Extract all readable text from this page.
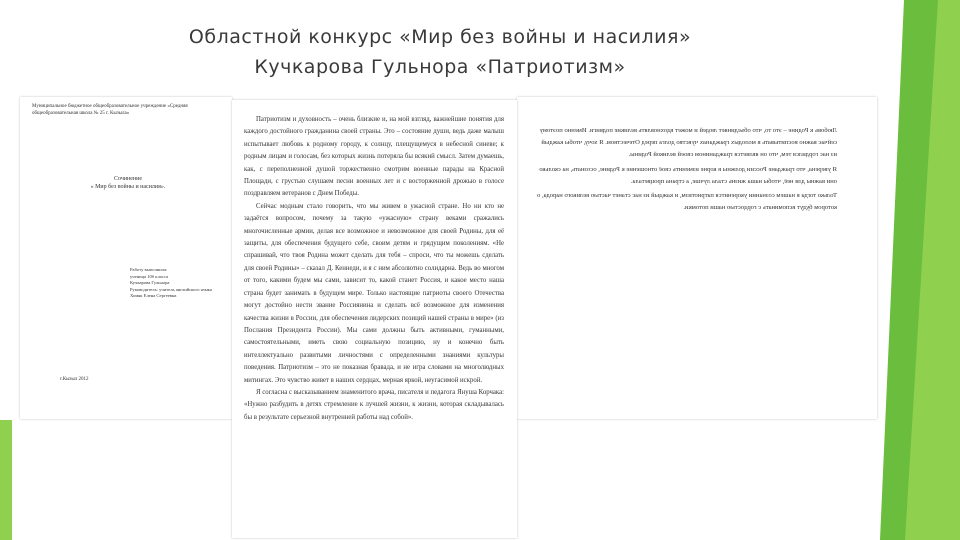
Областной конкурс «Мир без войны и насилия»
Кучкарова Гульнора «Патриотизм»
Муниципальное бюджетное общеобразовательное учреждение «Средняя общеобразовательная школа № 25 г. Кызыла»
Сочинение
« Мир без войны и насилия».
Работу выполнила:
ученица 10б класса
Кучкарова Гульнора
Руководитель: учитель английского языка
Хомяк Елена Сергеевна
г.Кызыл 2012

Любовь к Родине – это то, что объединяет людей и может вдохновлять великие подвиги. Именно поэтому сейчас важно воспитывать в молодых гражданах чувство долга перед Отечеством. Я хочу, чтобы каждый из нас гордился тем, что он является гражданином своей великой Родины.

Я уверена, что граждане России должны в корне изменить своё отношение к Родине, осознать, на сколько они важны для неё, чтобы наша жизнь стала лучше, а страна процветала.

Только тогда в нашем сознании укоренится патриотизм, и каждый из нас станет частью великого народа, о котором будут вспоминать с гордостью наши потомки.

Патриотизм и духовность – очень близкие и, на мой взгляд, важнейшие понятия для каждого достойного гражданина своей страны. Это – состояние души, ведь даже малыш испытывает любовь к родному городу, к солнцу, плещущемуся в небесной синеве; к родным лицам и голосам, без которых жизнь потеряла бы всякий смысл. Затем думаешь, как, с переполненной душой торжественно смотрим военные парады на Красной Площади, с грустью слушаем песни военных лет и с восторженной дрожью в голосе поздравляем ветеранов с Днем Победы.

Сейчас модным стало говорить, что мы живем в ужасной стране. Но ни кто не задаётся вопросом, почему за такую «ужасную» страну веками сражались многочисленные армии, делая все возможное и невозможное для своей Родины, для её защиты, для обеспечения будущего себе, своим детям и грядущим поколениям. «Не спрашивай, что твоя Родина может сделать для тебя – спроси, что ты можешь сделать для своей Родины» – сказал Д. Кеннеди, и я с ним абсолютно солидарна. Ведь во многом от того, какими будем мы сами, зависит то, какой станет Россия, и какое место наша страна будет занимать в будущем мире. Только настоящие патриоты своего Отечества могут достойно нести звание Россиянина и сделать всё возможное для изменения качества жизни в России, для обеспечения лидерских позиций нашей страны в мире» (из Послания Президента России). Мы сами должны быть активными, гуманными, самостоятельными, иметь свою социальную позицию, ну и конечно быть интеллектуально развитыми личностями с определенными знаниями культуры поведения. Патриотизм – это не показная бравада, и не игра словами на многолюдных митингах. Это чувство живет в наших сердцах, мерная яркой, неугасимой искрой.

Я согласна с высказыванием знаменитого врача, писателя и педагога Януша Корчака: «Нужно разбудить в детях стремление к лучшей жизни, к жизни, которая складывалась бы в результате серьезной внутренней работы над собой».
